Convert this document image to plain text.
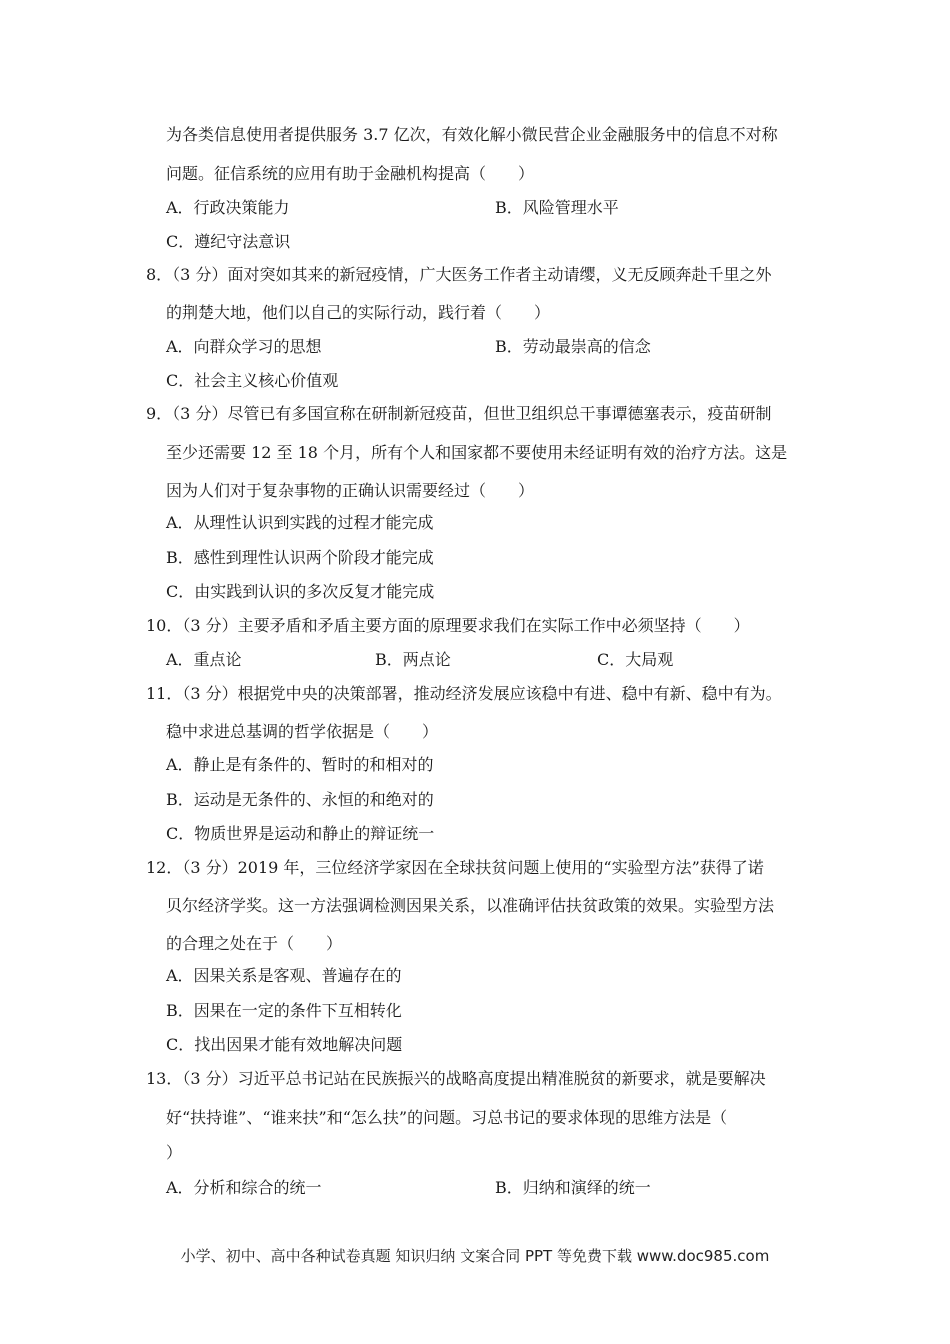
为各类信息使用者提供服务 3.7 亿次，有效化解小微民营企业金融服务中的信息不对称
问题。征信系统的应用有助于金融机构提高（　　）
A．行政决策能力	B．风险管理水平
C．遵纪守法意识
8．（3 分）面对突如其来的新冠疫情，广大医务工作者主动请缨，义无反顾奔赴千里之外
的荆楚大地，他们以自己的实际行动，践行着（　　）
A．向群众学习的思想	B．劳动最崇高的信念
C．社会主义核心价值观
9．（3 分）尽管已有多国宣称在研制新冠疫苗，但世卫组织总干事谭德塞表示，疫苗研制
至少还需要 12 至 18 个月，所有个人和国家都不要使用未经证明有效的治疗方法。这是
因为人们对于复杂事物的正确认识需要经过（　　）
A．从理性认识到实践的过程才能完成
B．感性到理性认识两个阶段才能完成
C．由实践到认识的多次反复才能完成
10．（3 分）主要矛盾和矛盾主要方面的原理要求我们在实际工作中必须坚持（　　）
A．重点论	B．两点论	C．大局观
11．（3 分）根据党中央的决策部署，推动经济发展应该稳中有进、稳中有新、稳中有为。
稳中求进总基调的哲学依据是（　　）
A．静止是有条件的、暂时的和相对的
B．运动是无条件的、永恒的和绝对的
C．物质世界是运动和静止的辩证统一
12．（3 分）2019 年，三位经济学家因在全球扶贫问题上使用的“实验型方法”获得了诺
贝尔经济学奖。这一方法强调检测因果关系，以准确评估扶贫政策的效果。实验型方法
的合理之处在于（　　）
A．因果关系是客观、普遍存在的
B．因果在一定的条件下互相转化
C．找出因果才能有效地解决问题
13．（3 分）习近平总书记站在民族振兴的战略高度提出精准脱贫的新要求，就是要解决
好“扶持谁”、“谁来扶”和“怎么扶”的问题。习总书记的要求体现的思维方法是（
）
A．分析和综合的统一	B．归纳和演绎的统一
小学、初中、高中各种试卷真题 知识归纳 文案合同 PPT 等免费下载 www.doc985.com
